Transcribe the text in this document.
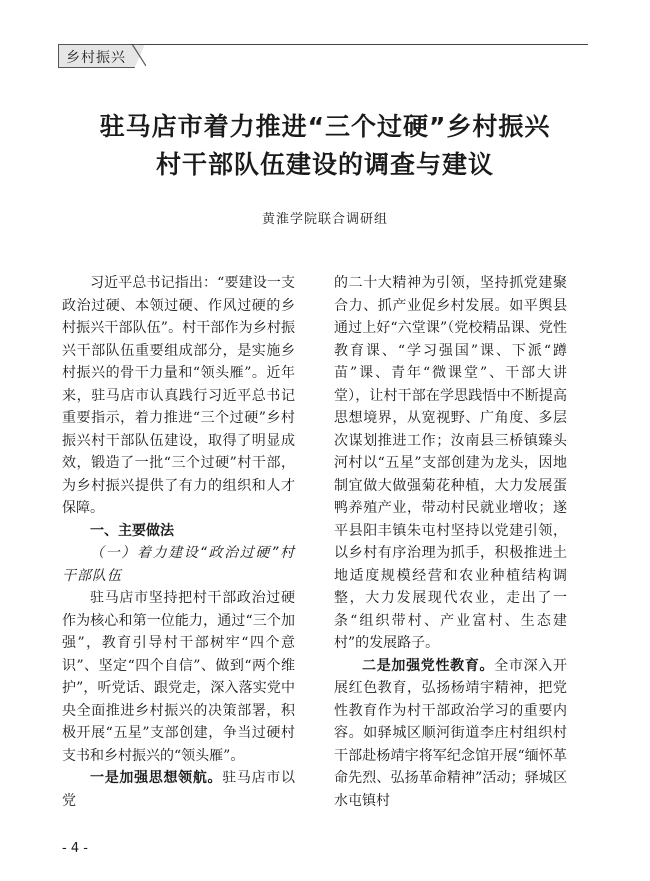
乡村振兴
驻马店市着力推进“三个过硬”乡村振兴
村干部队伍建设的调查与建议
黄淮学院联合调研组

习近平总书记指出：“要建设一支政治过硬、本领过硬、作风过硬的乡村振兴干部队伍”。村干部作为乡村振兴干部队伍重要组成部分，是实施乡村振兴的骨干力量和“领头雁”。近年来，驻马店市认真践行习近平总书记重要指示，着力推进“三个过硬”乡村振兴村干部队伍建设，取得了明显成效，锻造了一批“三个过硬”村干部，为乡村振兴提供了有力的组织和人才保障。

一、主要做法

（一）着力建设“政治过硬”村干部队伍

驻马店市坚持把村干部政治过硬作为核心和第一位能力，通过“三个加强”，教育引导村干部树牢“四个意识”、坚定“四个自信”、做到“两个维护”，听党话、跟党走，深入落实党中央全面推进乡村振兴的决策部署，积极开展“五星”支部创建，争当过硬村支书和乡村振兴的“领头雁”。

一是加强思想领航。驻马店市以党

的二十大精神为引领，坚持抓党建聚合力、抓产业促乡村发展。如平舆县通过上好“六堂课”（党校精品课、党性教育课、“学习强国”课、下派“蹲苗”课、青年“微课堂”、干部大讲堂），让村干部在学思践悟中不断提高思想境界，从宽视野、广角度、多层次谋划推进工作；汝南县三桥镇臻头河村以“五星”支部创建为龙头，因地制宜做大做强菊花种植，大力发展蛋鸭养殖产业，带动村民就业增收；遂平县阳丰镇朱屯村坚持以党建引领，以乡村有序治理为抓手，积极推进土地适度规模经营和农业种植结构调整，大力发展现代农业，走出了一条“组织带村、产业富村、生态建村”的发展路子。

二是加强党性教育。全市深入开展红色教育，弘扬杨靖宇精神，把党性教育作为村干部政治学习的重要内容。如驿城区顺河街道李庄村组织村干部赴杨靖宇将军纪念馆开展“缅怀革命先烈、弘扬革命精神”活动；驿城区水屯镇村

- 4 -
